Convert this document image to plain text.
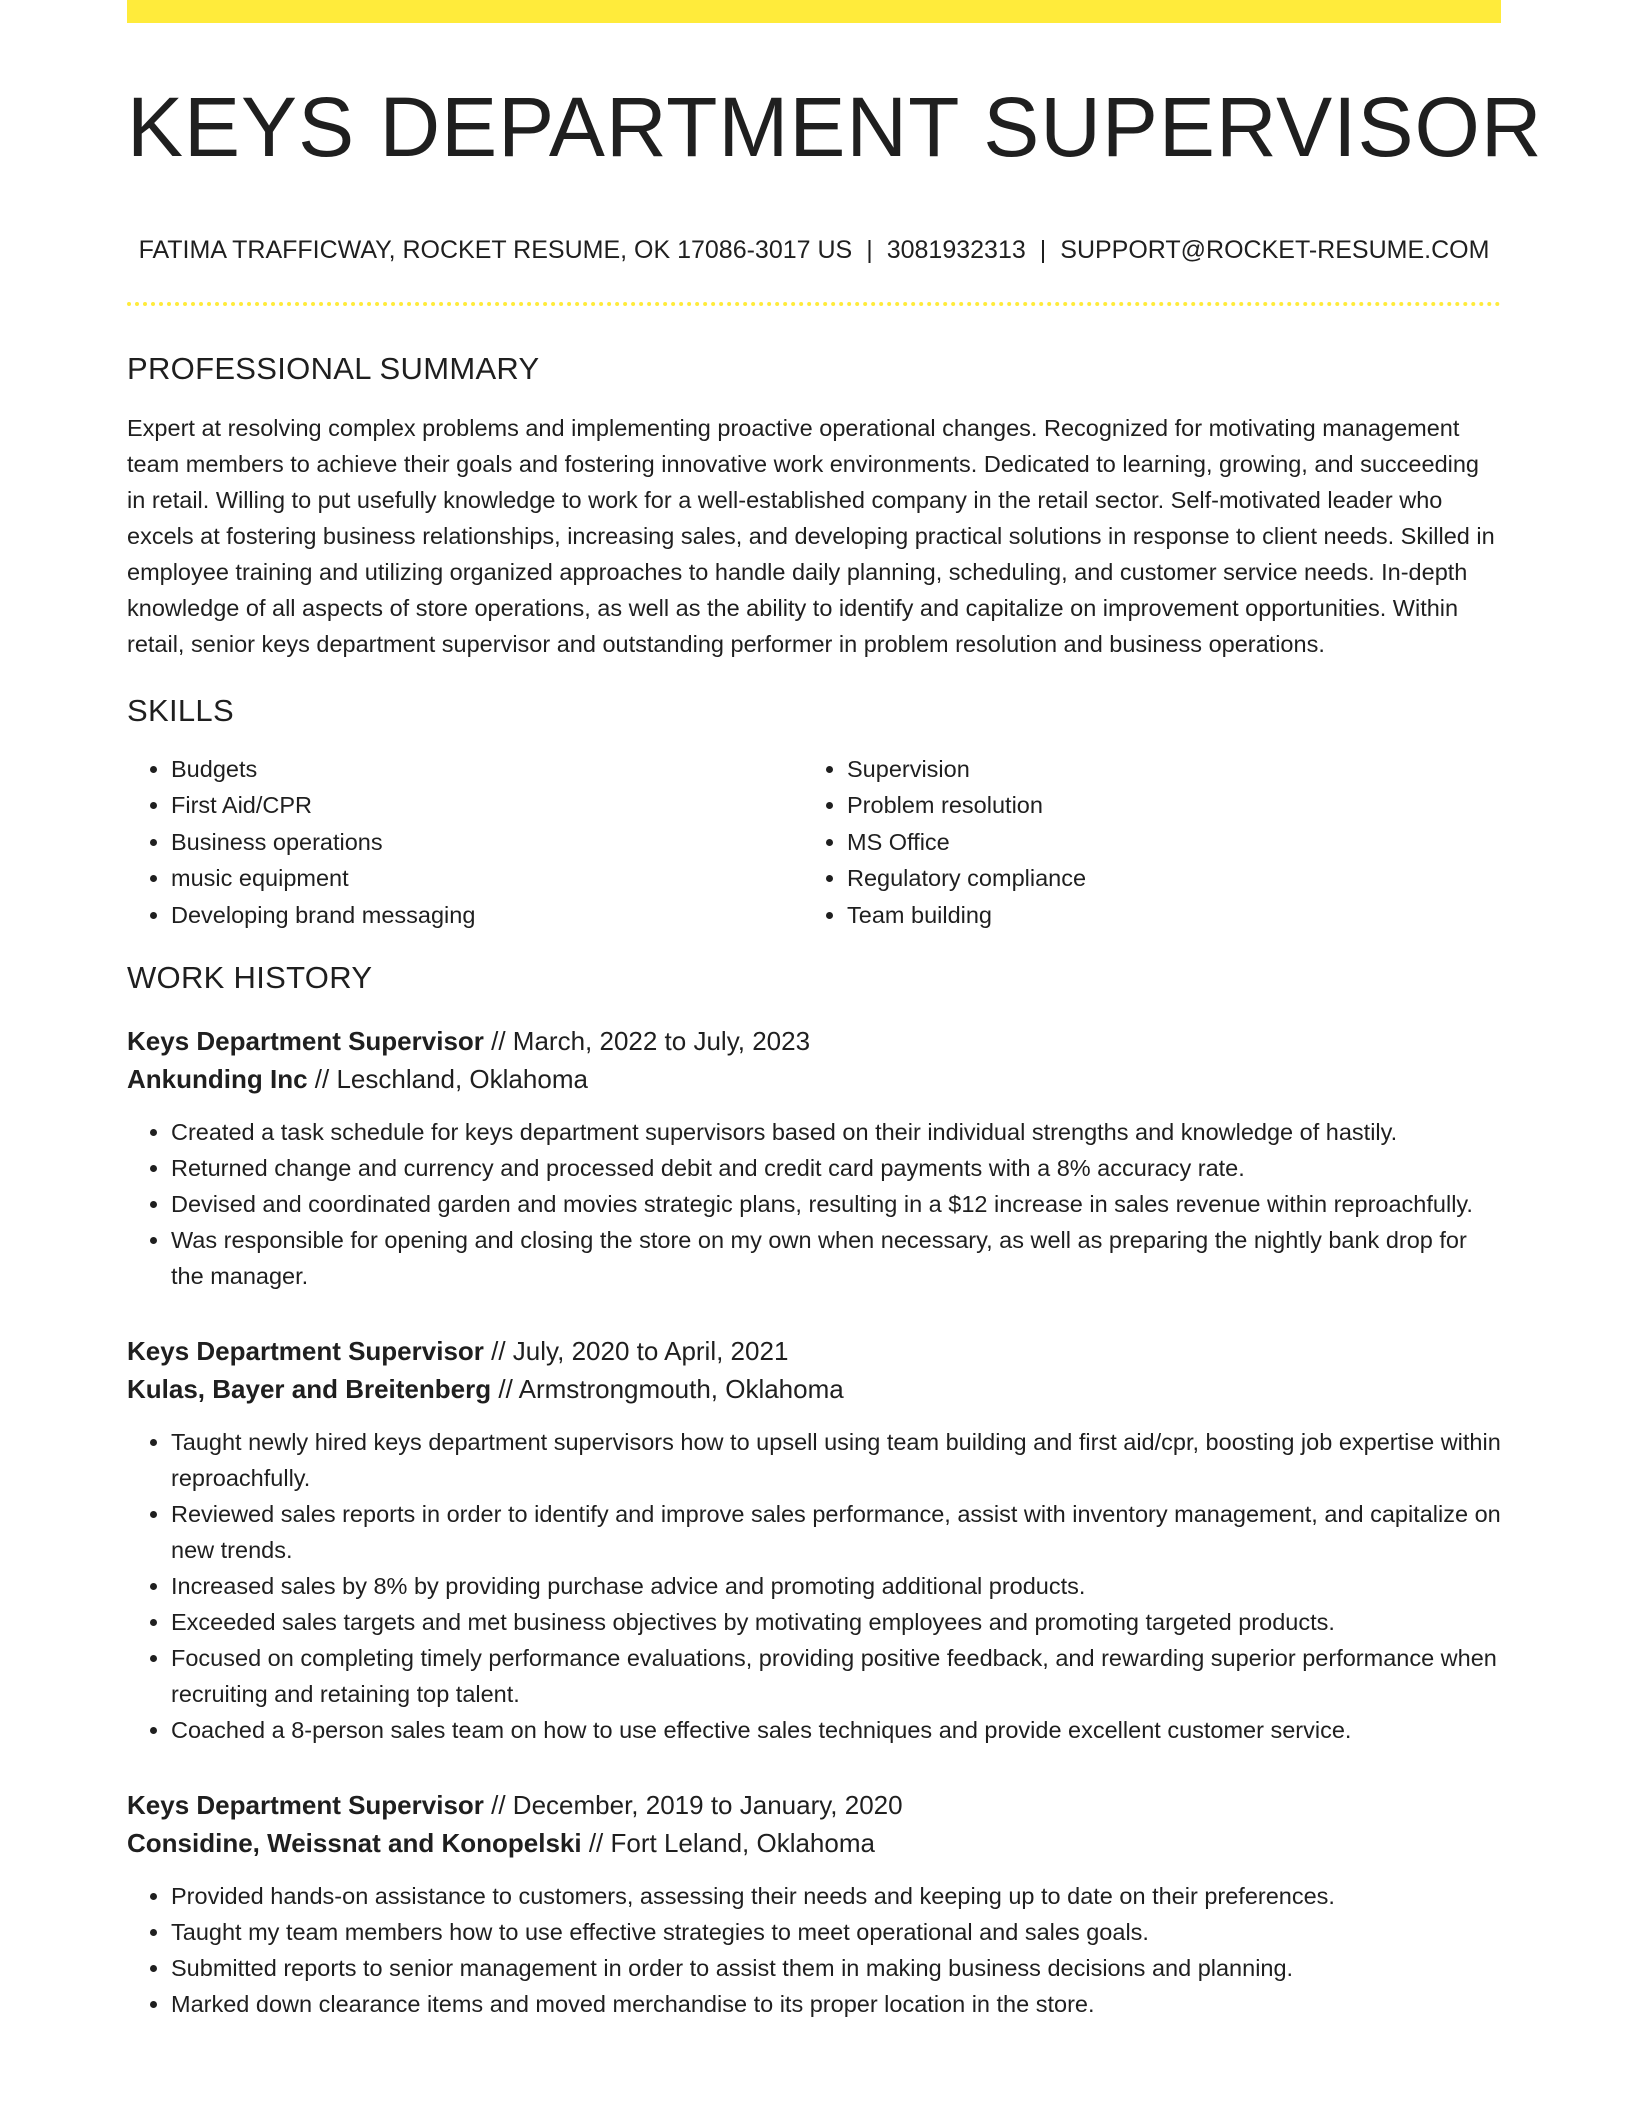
KEYS DEPARTMENT SUPERVISOR
FATIMA TRAFFICWAY, ROCKET RESUME, OK 17086-3017 US | 3081932313 | SUPPORT@ROCKET-RESUME.COM
PROFESSIONAL SUMMARY
Expert at resolving complex problems and implementing proactive operational changes. Recognized for motivating management team members to achieve their goals and fostering innovative work environments. Dedicated to learning, growing, and succeeding in retail. Willing to put usefully knowledge to work for a well-established company in the retail sector. Self-motivated leader who excels at fostering business relationships, increasing sales, and developing practical solutions in response to client needs. Skilled in employee training and utilizing organized approaches to handle daily planning, scheduling, and customer service needs. In-depth knowledge of all aspects of store operations, as well as the ability to identify and capitalize on improvement opportunities. Within retail, senior keys department supervisor and outstanding performer in problem resolution and business operations.
SKILLS
• Budgets
• First Aid/CPR
• Business operations
• music equipment
• Developing brand messaging
• Supervision
• Problem resolution
• MS Office
• Regulatory compliance
• Team building
WORK HISTORY
Keys Department Supervisor // March, 2022 to July, 2023
Ankunding Inc // Leschland, Oklahoma
• Created a task schedule for keys department supervisors based on their individual strengths and knowledge of hastily.
• Returned change and currency and processed debit and credit card payments with a 8% accuracy rate.
• Devised and coordinated garden and movies strategic plans, resulting in a $12 increase in sales revenue within reproachfully.
• Was responsible for opening and closing the store on my own when necessary, as well as preparing the nightly bank drop for the manager.
Keys Department Supervisor // July, 2020 to April, 2021
Kulas, Bayer and Breitenberg // Armstrongmouth, Oklahoma
• Taught newly hired keys department supervisors how to upsell using team building and first aid/cpr, boosting job expertise within reproachfully.
• Reviewed sales reports in order to identify and improve sales performance, assist with inventory management, and capitalize on new trends.
• Increased sales by 8% by providing purchase advice and promoting additional products.
• Exceeded sales targets and met business objectives by motivating employees and promoting targeted products.
• Focused on completing timely performance evaluations, providing positive feedback, and rewarding superior performance when recruiting and retaining top talent.
• Coached a 8-person sales team on how to use effective sales techniques and provide excellent customer service.
Keys Department Supervisor // December, 2019 to January, 2020
Considine, Weissnat and Konopelski // Fort Leland, Oklahoma
• Provided hands-on assistance to customers, assessing their needs and keeping up to date on their preferences.
• Taught my team members how to use effective strategies to meet operational and sales goals.
• Submitted reports to senior management in order to assist them in making business decisions and planning.
• Marked down clearance items and moved merchandise to its proper location in the store.
